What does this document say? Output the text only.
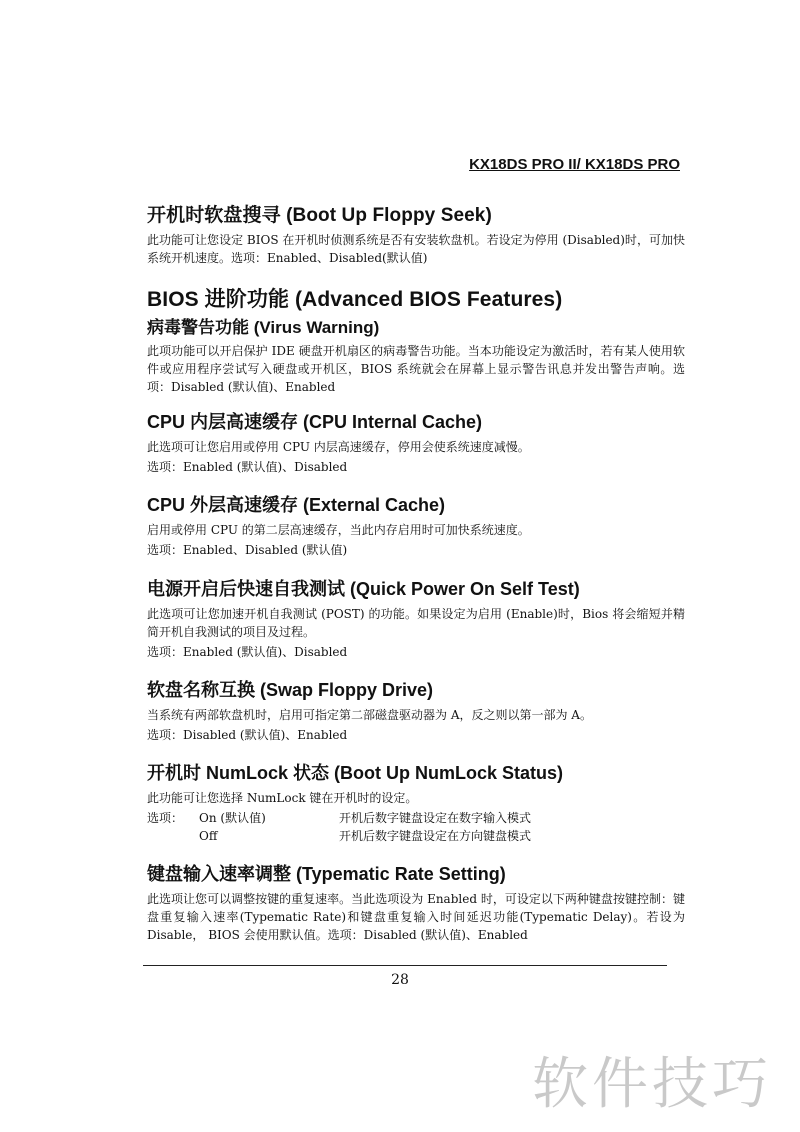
KX18DS PRO II/ KX18DS PRO
开机时软盘搜寻 (Boot Up Floppy Seek)

此功能可让您设定 BIOS 在开机时侦测系统是否有安装软盘机。若设定为停用 (Disabled)时，可加快系统开机速度。选项：Enabled、Disabled(默认值)

BIOS 进阶功能 (Advanced BIOS Features)
病毒警告功能 (Virus Warning)

此项功能可以开启保护 IDE 硬盘开机扇区的病毒警告功能。当本功能设定为激活时，若有某人使用软件或应用程序尝试写入硬盘或开机区，BIOS 系统就会在屏幕上显示警告讯息并发出警告声响。选项：Disabled (默认值)、Enabled

CPU 内层高速缓存 (CPU Internal Cache)

此选项可让您启用或停用 CPU 内层高速缓存，停用会使系统速度减慢。

选项：Enabled (默认值)、Disabled

CPU 外层高速缓存 (External Cache)

启用或停用 CPU 的第二层高速缓存，当此内存启用时可加快系统速度。

选项：Enabled、Disabled (默认值)

电源开启后快速自我测试 (Quick Power On Self Test)

此选项可让您加速开机自我测试 (POST) 的功能。如果设定为启用 (Enable)时，Bios 将会缩短并精简开机自我测试的项目及过程。

选项：Enabled (默认值)、Disabled

软盘名称互换 (Swap Floppy Drive)

当系统有两部软盘机时，启用可指定第二部磁盘驱动器为 A，反之则以第一部为 A。

选项：Disabled (默认值)、Enabled

开机时 NumLock 状态 (Boot Up NumLock Status)

此功能可让您选择 NumLock 键在开机时的设定。

选项： On (默认值)	开机后数字键盘设定在数字输入模式
Off	开机后数字键盘设定在方向键盘模式
键盘输入速率调整 (Typematic Rate Setting)

此选项让您可以调整按键的重复速率。当此选项设为 Enabled 时，可设定以下两种键盘按键控制：键盘重复输入速率(Typematic Rate)和键盘重复输入时间延迟功能(Typematic Delay)。若设为 Disable， BIOS 会使用默认值。选项：Disabled (默认值)、Enabled

28
软件技巧
